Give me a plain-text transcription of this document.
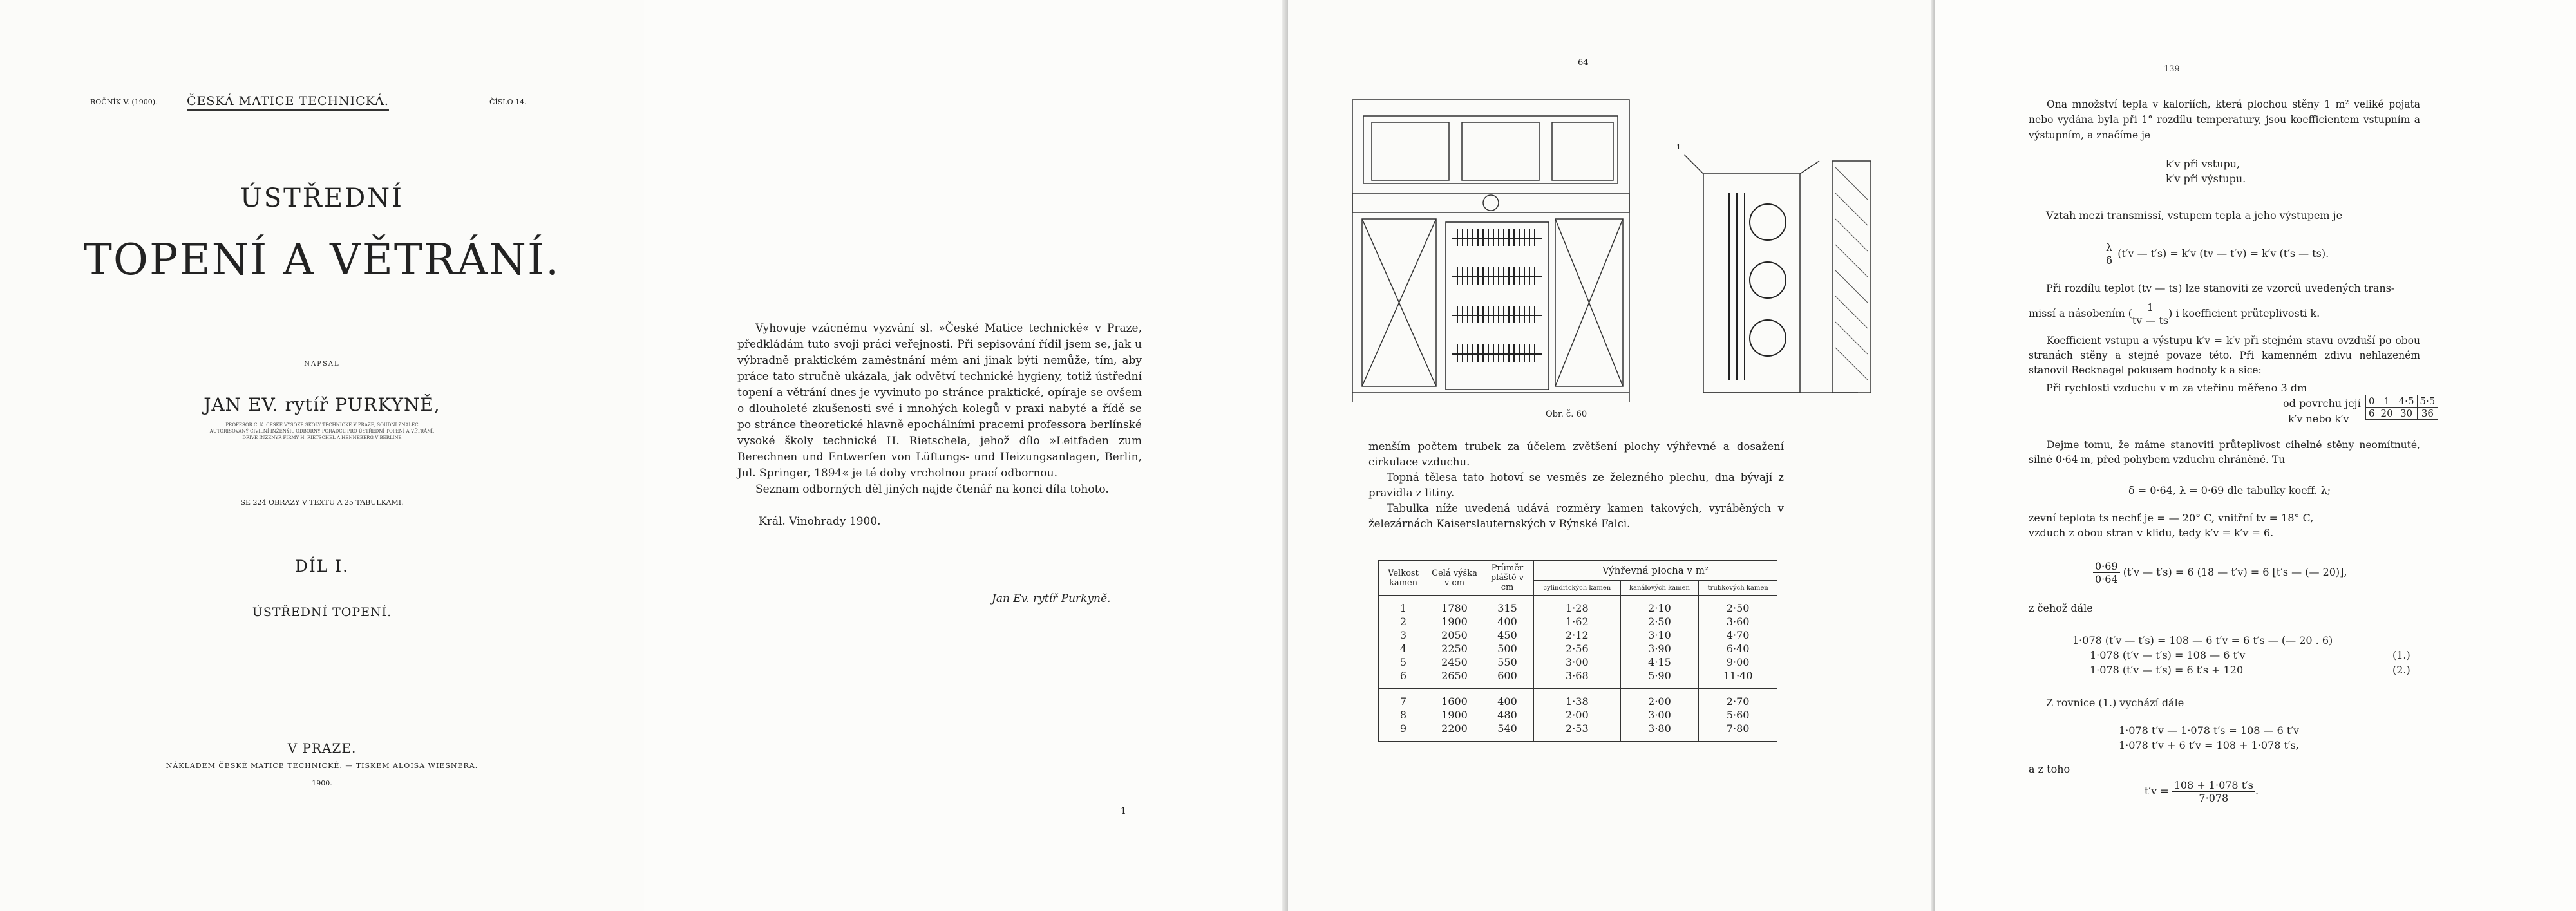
ROČNÍK V. (1900). ČESKÁ MATICE TECHNICKÁ.	ČÍSLO 14.
ÚSTŘEDNÍ
TOPENÍ A VĚTRÁNÍ.
NAPSAL
JAN EV. rytíř PURKYNĚ,
PROFESOR C. K. ČESKÉ VYSOKÉ ŠKOLY TECHNICKÉ V PRAZE, SOUDNÍ ZNALEC
AUTORISOVANÝ CIVILNÍ INŽENÝR, ODBORNÝ PORADCE PRO ÚSTŘEDNÍ TOPENÍ A VĚTRÁNÍ,
DŘÍVE INŽENÝR FIRMY H. RIETSCHEL A HENNEBERG V BERLÍNĚ
SE 224 OBRAZY V TEXTU A 25 TABULKAMI.
DÍL I.
ÚSTŘEDNÍ TOPENÍ.
V PRAZE.
NÁKLADEM ČESKÉ MATICE TECHNICKÉ. — TISKEM ALOISA WIESNERA.
1900.

Vyhovuje vzácnému vyzvání sl. »České Matice technické« v Praze, předkládám tuto svoji práci veřejnosti. Při sepisování řídil jsem se, jak u výbradně praktickém zaměstnání mém ani jinak býti nemůže, tím, aby práce tato stručně ukázala, jak odvětví technické hygieny, totiž ústřední topení a větrání dnes je vyvinuto po stránce praktické, opíraje se ovšem o dlouholeté zkušenosti své i mnohých kolegů v praxi nabyté a řídě se po stránce theoretické hlavně epochálními pracemi professora berlínské vysoké školy technické H. Rietschela, jehož dílo »Leitfaden zum Berechnen und Entwerfen von Lüftungs- und Heizungsanlagen, Berlin, Jul. Springer, 1894« je té doby vrcholnou prací odbornou.

Seznam odborných děl jiných najde čtenář na konci díla tohoto.

Král. Vinohrady 1900.
Jan Ev. rytíř Purkyně.
1
64
1
Obr. č. 60

menším počtem trubek za účelem zvětšení plochy výhřevné a dosažení cirkulace vzduchu.

Topná tělesa tato hotoví se vesměs ze železného plechu, dna bývají z pravidla z litiny.

Tabulka níže uvedená udává rozměry kamen takových, vyráběných v železárnách Kaiserslauternských v Rýnské Falci.

Velkost kamen	Celá výška v cm	Průměr pláště v cm	Výhřevná plocha v m²		
			cylindrických kamen	kanálových kamen	trubkových kamen
1	1780	315	1·28	2·10	2·50
2	1900	400	1·62	2·50	3·60
3	2050	450	2·12	3·10	4·70
4	2250	500	2·56	3·90	6·40
5	2450	550	3·00	4·15	9·00
6	2650	600	3·68	5·90	11·40
7	1600	400	1·38	2·00	2·70
8	1900	480	2·00	3·00	5·60
9	2200	540	2·53	3·80	7·80
139
Ona množství tepla v kaloriích, která plochou stěny 1 m² veliké pojata nebo vydána byla při 1° rozdílu temperatury, jsou koefficientem vstupním a výstupním, a značíme je
k′v při vstupu,
k′v při výstupu.
Vztah mezi transmissí, vstupem tepla a jeho výstupem je
$\frac{\lambda}{\delta} (t'v$ — t′s) = k′v (tv — t′v) = k′v (t′s — ts).
Při rozdílu teplot (tv — ts) lze stanoviti ze vzorců uvedených trans-
missí a násobením ( $\frac{1}{tv — ts}$ ) i koefficient průteplivosti k.
Koefficient vstupu a výstupu k′v = k′v při stejném stavu ovzduší po obou stranách stěny a stejné povaze této. Při kamenném zdivu nehlazeném stanovil Recknagel pokusem hodnoty k a sice:
Při rychlosti vzduchu v m za vteřinu měřeno 3 dm
od povrchu její
k′v nebo k′v
0	1	4·5	5·5
6	20	30	36
Dejme tomu, že máme stanoviti průteplivost cihelné stěny neomítnuté, silné 0·64 m, před pohybem vzduchu chráněné. Tu
δ = 0·64, λ = 0·69 dle tabulky koeff. λ;
zevní teplota ts nechť je = — 20° C, vnitřní tv = 18° C,
vzduch z obou stran v klidu, tedy k′v = k′v = 6.
$\frac{0\cdot 69}{0\cdot 64} (t'v$ — t′s) = 6 (18 — t′v) = 6 [t′s — (— 20)],
z čehož dále
1·078 (t′v — t′s) = 108 — 6 t′v = 6 t′s — (— 20 . 6)
1·078 (t′v — t′s) = 108 — 6 t′v
1·078 (t′v — t′s) = 6 t′s + 120
(1.)
(2.)
Z rovnice (1.) vychází dále
1·078 t′v — 1·078 t′s = 108 — 6 t′v
1·078 t′v + 6 t′v = 108 + 1·078 t′s,
a z toho
$t'v = \frac{108 + 1\cdot 078 t's}{7\cdot 078}$ .
